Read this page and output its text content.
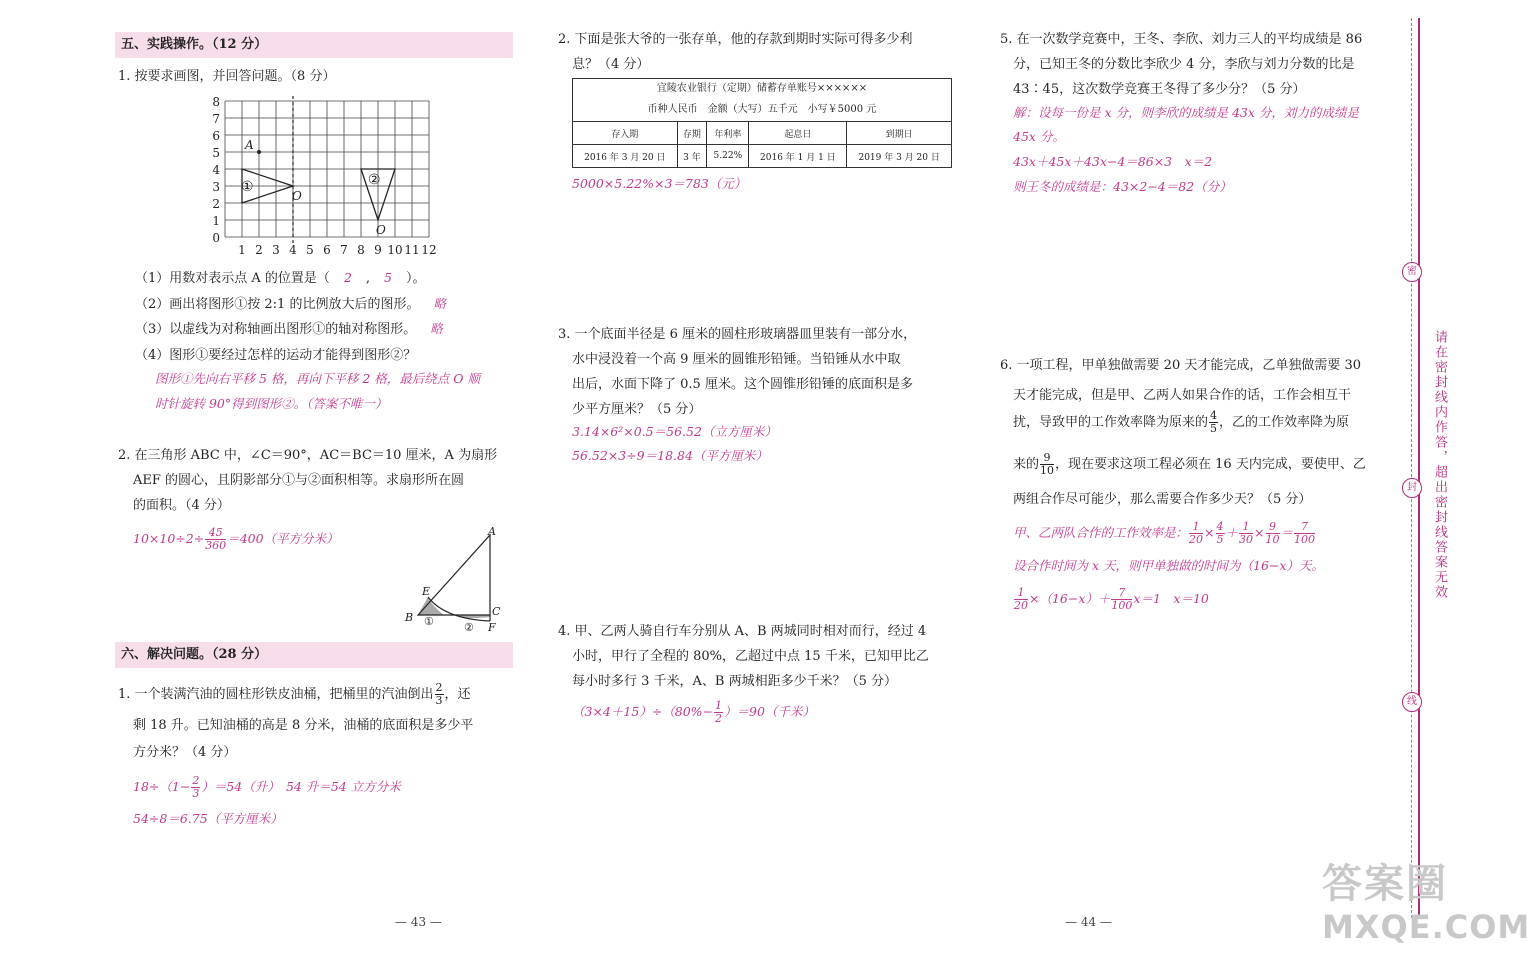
五、实践操作。（12 分）
1. 按要求画图，并回答问题。（8 分）
8
7
6
5
4
3
2
1
0
1 2 3 4 5 6 7 8 9 10 11 12
A
O
O
①	②
（1）用数对表示点 A 的位置是（ 2 , 5 ）。
（2）画出将图形①按 2:1 的比例放大后的图形。 略
（3）以虚线为对称轴画出图形①的轴对称图形。 略
（4）图形①要经过怎样的运动才能得到图形②？
图形①先向右平移 5 格，再向下平移 2 格，最后绕点 O 顺
时针旋转 90°得到图形②。（答案不唯一）
2. 在三角形 ABC 中，∠C＝90°，AC＝BC＝10 厘米，A 为扇形
AEF 的圆心，且阴影部分①与②面积相等。求扇形所在圆
的面积。（4 分）
$10\times 10\div 2\div \frac{45}{360} =400$（平方分米）	A
B	C
E
F
①	②
六、解决问题。（28 分）
1. 一个装满汽油的圆柱形铁皮油桶，把桶里的汽油倒出 $\frac{2}{3}$ ，还
剩 18 升。已知油桶的高是 8 分米，油桶的底面积是多少平
方分米？（4 分）
$18\div(1- \frac{2}{3} )=54$（升）　54 升＝54 立方分米
54÷8＝6.75（平方厘米）
— 43 —
2. 下面是张大爷的一张存单，他的存款到期时实际可得多少利
息？（4 分）
宜陵农业银行（定期）储蓄存单账号××××××
币种人民币　金额（大写）五千元　小写￥5000 元
存入期	存期	年利率	起息日	到期日
2016 年 3 月 20 日	3 年	5.22%	2016 年 1 月 1 日	2019 年 3 月 20 日
5000×5.22%×3＝783（元）
3. 一个底面半径是 6 厘米的圆柱形玻璃器皿里装有一部分水，
水中浸没着一个高 9 厘米的圆锥形铅锤。当铅锤从水中取
出后，水面下降了 0.5 厘米。这个圆锥形铅锤的底面积是多
少平方厘米？（5 分）
3.14×6²×0.5＝56.52（立方厘米）
56.52×3÷9＝18.84（平方厘米）
4. 甲、乙两人骑自行车分别从 A、B 两城同时相对而行，经过 4
小时，甲行了全程的 80%，乙超过中点 15 千米，已知甲比乙
每小时多行 3 千米，A、B 两城相距多少千米？（5 分）
$(3\times 4+15)\div(80\%- \frac{1}{2} )=90$（千米）
— 44 —
5. 在一次数学竞赛中，王冬、李欣、刘力三人的平均成绩是 86
分，已知王冬的分数比李欣少 4 分，李欣与刘力分数的比是
43∶45，这次数学竞赛王冬得了多少分？（5 分）
解：设每一份是 x 分，则李欣的成绩是 43x 分，刘力的成绩是
45x 分。
43x＋45x＋43x−4＝86×3　x＝2
则王冬的成绩是：43×2−4＝82（分）
6. 一项工程，甲单独做需要 20 天才能完成，乙单独做需要 30
天才能完成，但是甲、乙两人如果合作的话，工作会相互干
扰，导致甲的工作效率降为原来的 $\frac{4}{5}$ ，乙的工作效率降为原
来的 $\frac{9}{10}$ ，现在要求这项工程必须在 16 天内完成，要使甲、乙
两组合作尽可能少，那么需要合作多少天？（5 分）
甲、乙两队合作的工作效率是： $\frac{1}{20} \times \frac{4}{5} + \frac{1}{30} \times \frac{9}{10} = \frac{7}{100}$
设合作时间为 x 天，则甲单独做的时间为（16−x）天。
$\frac{1}{20} \times(16-x)+ \frac{7}{100} x=1$　x＝10
密
封
线
请在密封线内作答，超出密封线答案无效
答案圈
MXQE.COM
